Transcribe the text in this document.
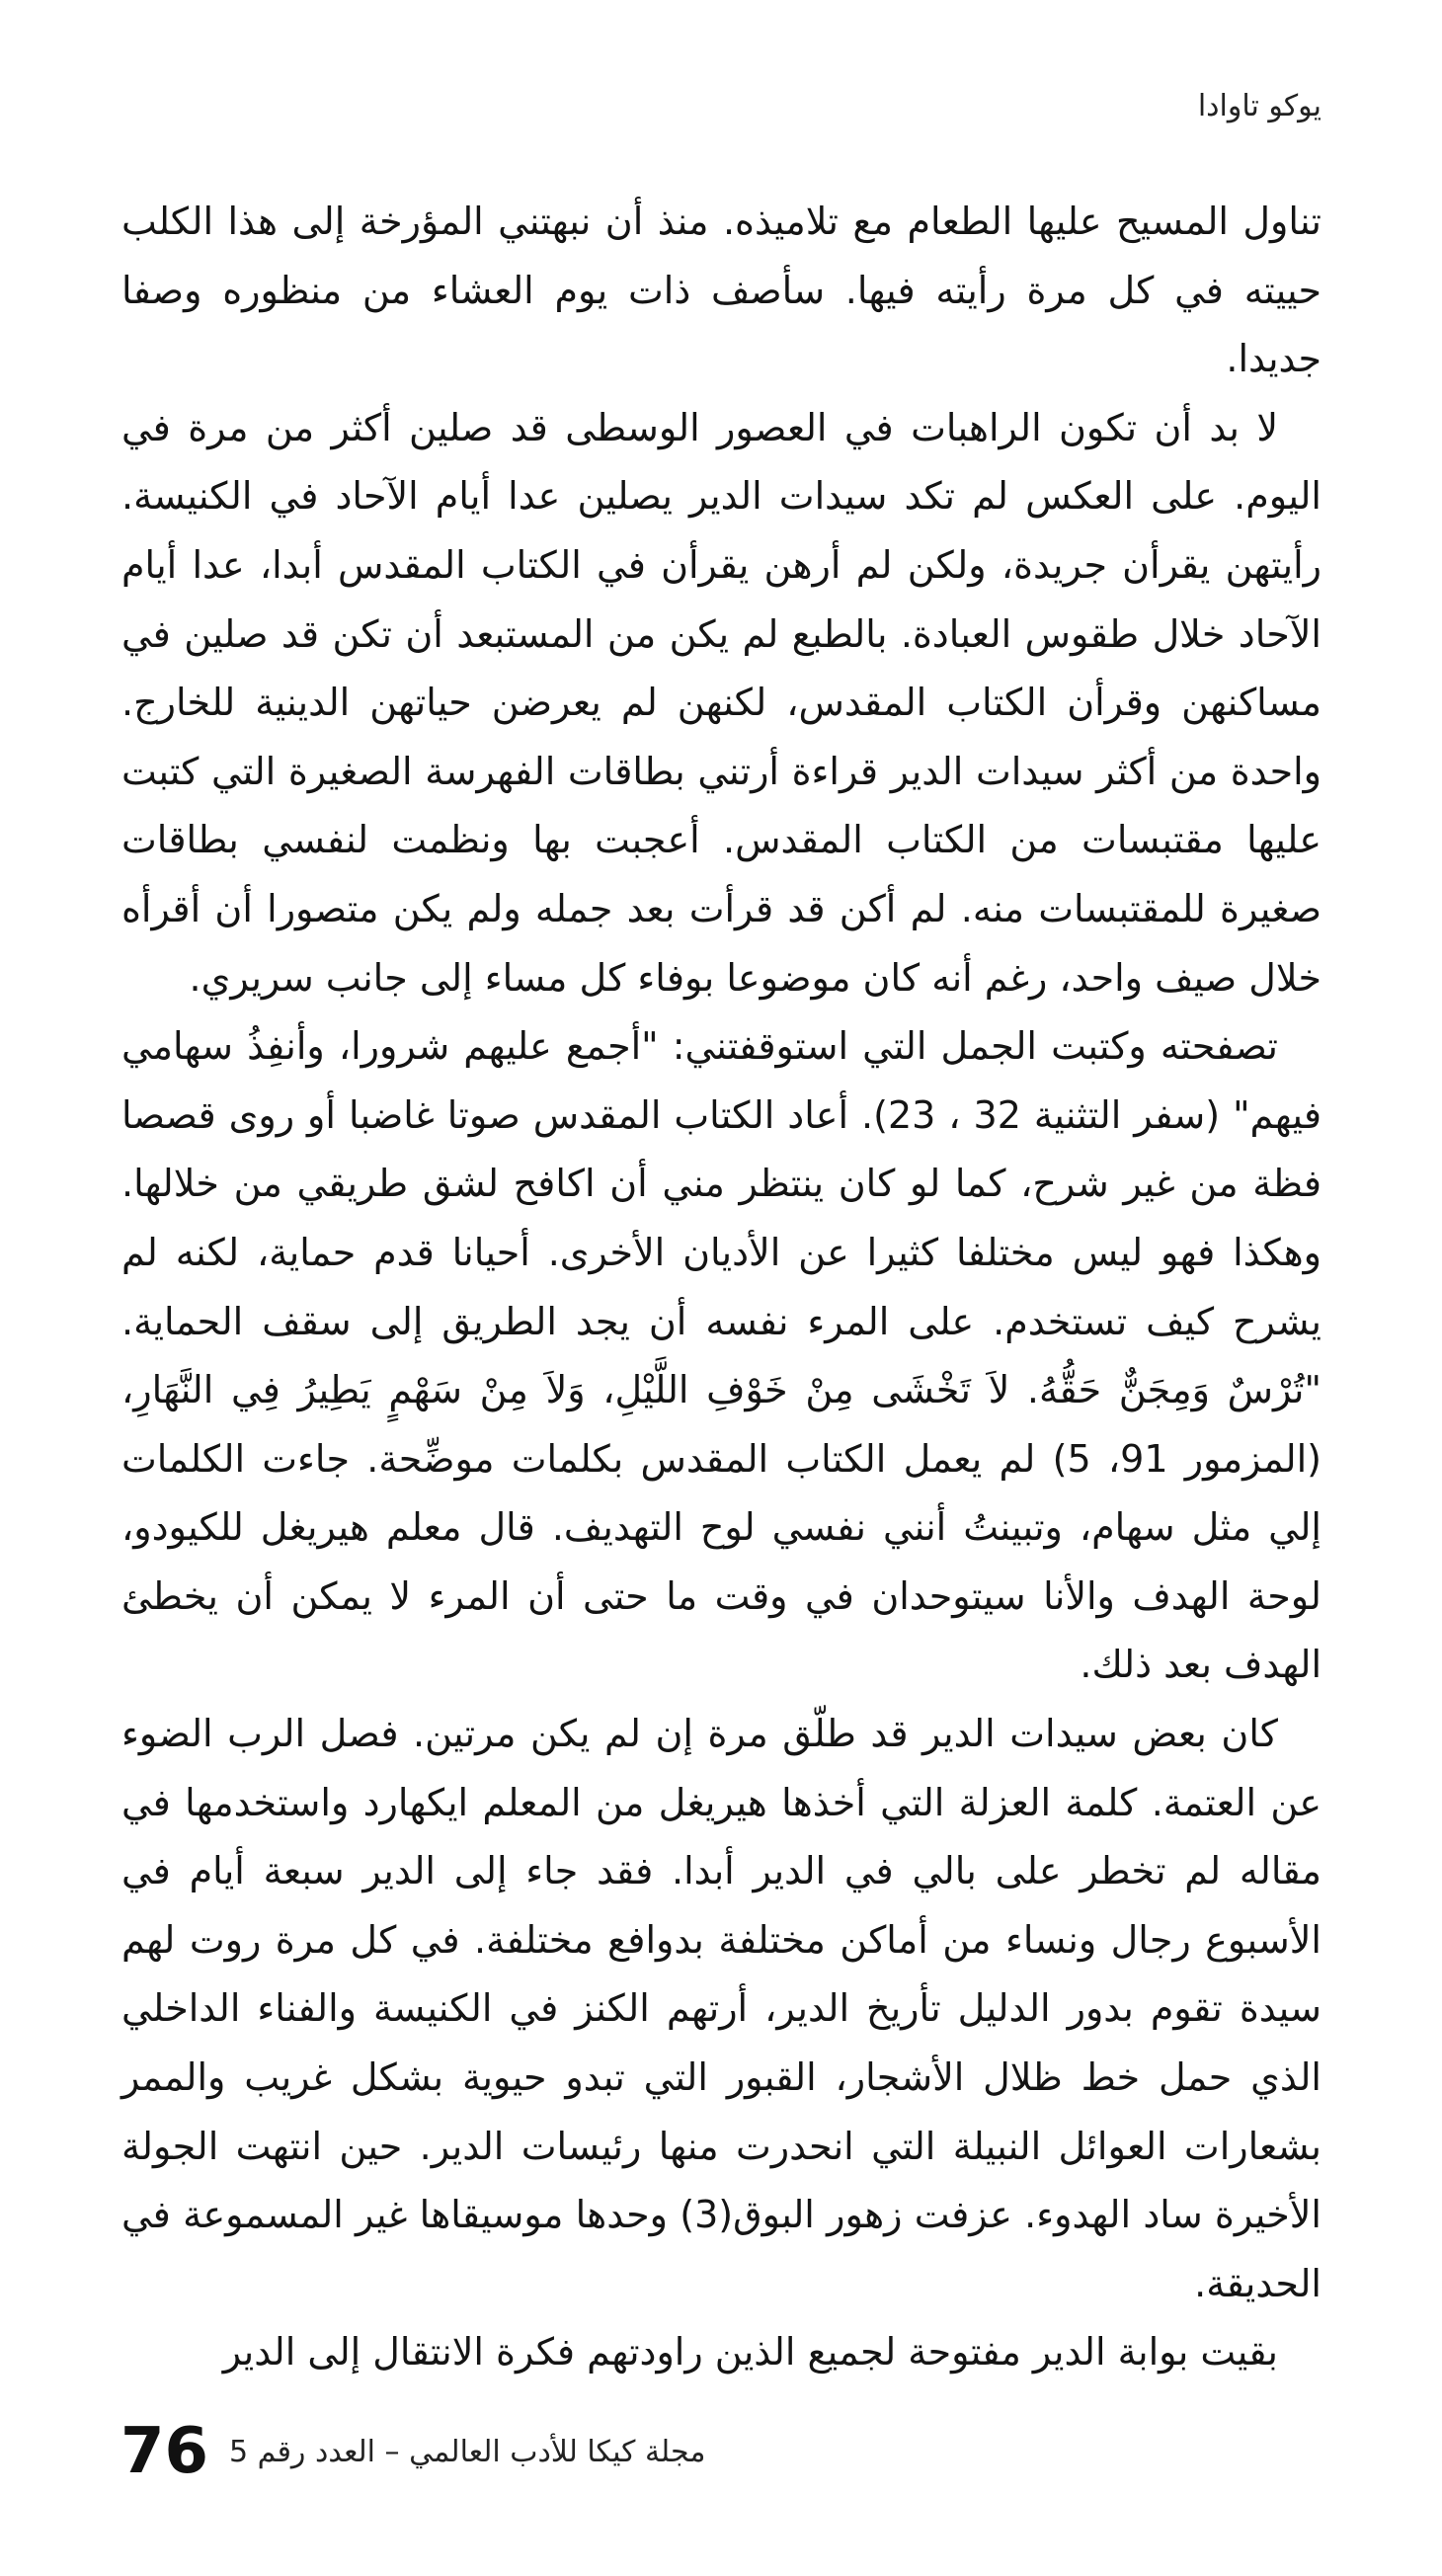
يوكو تاوادا

تناول المسيح عليها الطعام مع تلاميذه. منذ أن نبهتني المؤرخة إلى هذا الكلب حييته في كل مرة رأيته فيها. سأصف ذات يوم العشاء من منظوره وصفا جديدا.

لا بد أن تكون الراهبات في العصور الوسطى قد صلين أكثر من مرة في اليوم. على العكس لم تكد سيدات الدير يصلين عدا أيام الآحاد في الكنيسة. رأيتهن يقرأن جريدة، ولكن لم أرهن يقرأن في الكتاب المقدس أبدا، عدا أيام الآحاد خلال طقوس العبادة. بالطبع لم يكن من المستبعد أن تكن قد صلين في مساكنهن وقرأن الكتاب المقدس، لكنهن لم يعرضن حياتهن الدينية للخارج. واحدة من أكثر سيدات الدير قراءة أرتني بطاقات الفهرسة الصغيرة التي كتبت عليها مقتبسات من الكتاب المقدس. أعجبت بها ونظمت لنفسي بطاقات صغيرة للمقتبسات منه. لم أكن قد قرأت بعد جمله ولم يكن متصورا أن أقرأه خلال صيف واحد، رغم أنه كان موضوعا بوفاء كل مساء إلى جانب سريري.

تصفحته وكتبت الجمل التي استوقفتني: "أجمع عليهم شرورا، وأنفِذُ سهامي فيهم" (سفر التثنية 32 ، 23). أعاد الكتاب المقدس صوتا غاضبا أو روى قصصا فظة من غير شرح، كما لو كان ينتظر مني أن اكافح لشق طريقي من خلالها. وهكذا فهو ليس مختلفا كثيرا عن الأديان الأخرى. أحيانا قدم حماية، لكنه لم يشرح كيف تستخدم. على المرء نفسه أن يجد الطريق إلى سقف الحماية. "تُرْسٌ وَمِجَنٌّ حَقُّهُ. لاَ تَخْشَى مِنْ خَوْفِ اللَّيْلِ، وَلاَ مِنْ سَهْمٍ يَطِيرُ فِي النَّهَارِ، (المزمور 91، 5) لم يعمل الكتاب المقدس بكلمات موضِّحة. جاءت الكلمات إلي مثل سهام، وتبينتُ أنني نفسي لوح التهديف. قال معلم هيريغل للكيودو، لوحة الهدف والأنا سيتوحدان في وقت ما حتى أن المرء لا يمكن أن يخطئ الهدف بعد ذلك.

كان بعض سيدات الدير قد طلّق مرة إن لم يكن مرتين. فصل الرب الضوء عن العتمة. كلمة العزلة التي أخذها هيريغل من المعلم ايكهارد واستخدمها في مقاله لم تخطر على بالي في الدير أبدا. فقد جاء إلى الدير سبعة أيام في الأسبوع رجال ونساء من أماكن مختلفة بدوافع مختلفة. في كل مرة روت لهم سيدة تقوم بدور الدليل تأريخ الدير، أرتهم الكنز في الكنيسة والفناء الداخلي الذي حمل خط ظلال الأشجار، القبور التي تبدو حيوية بشكل غريب والممر بشعارات العوائل النبيلة التي انحدرت منها رئيسات الدير. حين انتهت الجولة الأخيرة ساد الهدوء. عزفت زهور البوق(3) وحدها موسيقاها غير المسموعة في الحديقة.

بقيت بوابة الدير مفتوحة لجميع الذين راودتهم فكرة الانتقال إلى الدير

76 مجلة كيكا للأدب العالمي – العدد رقم 5
